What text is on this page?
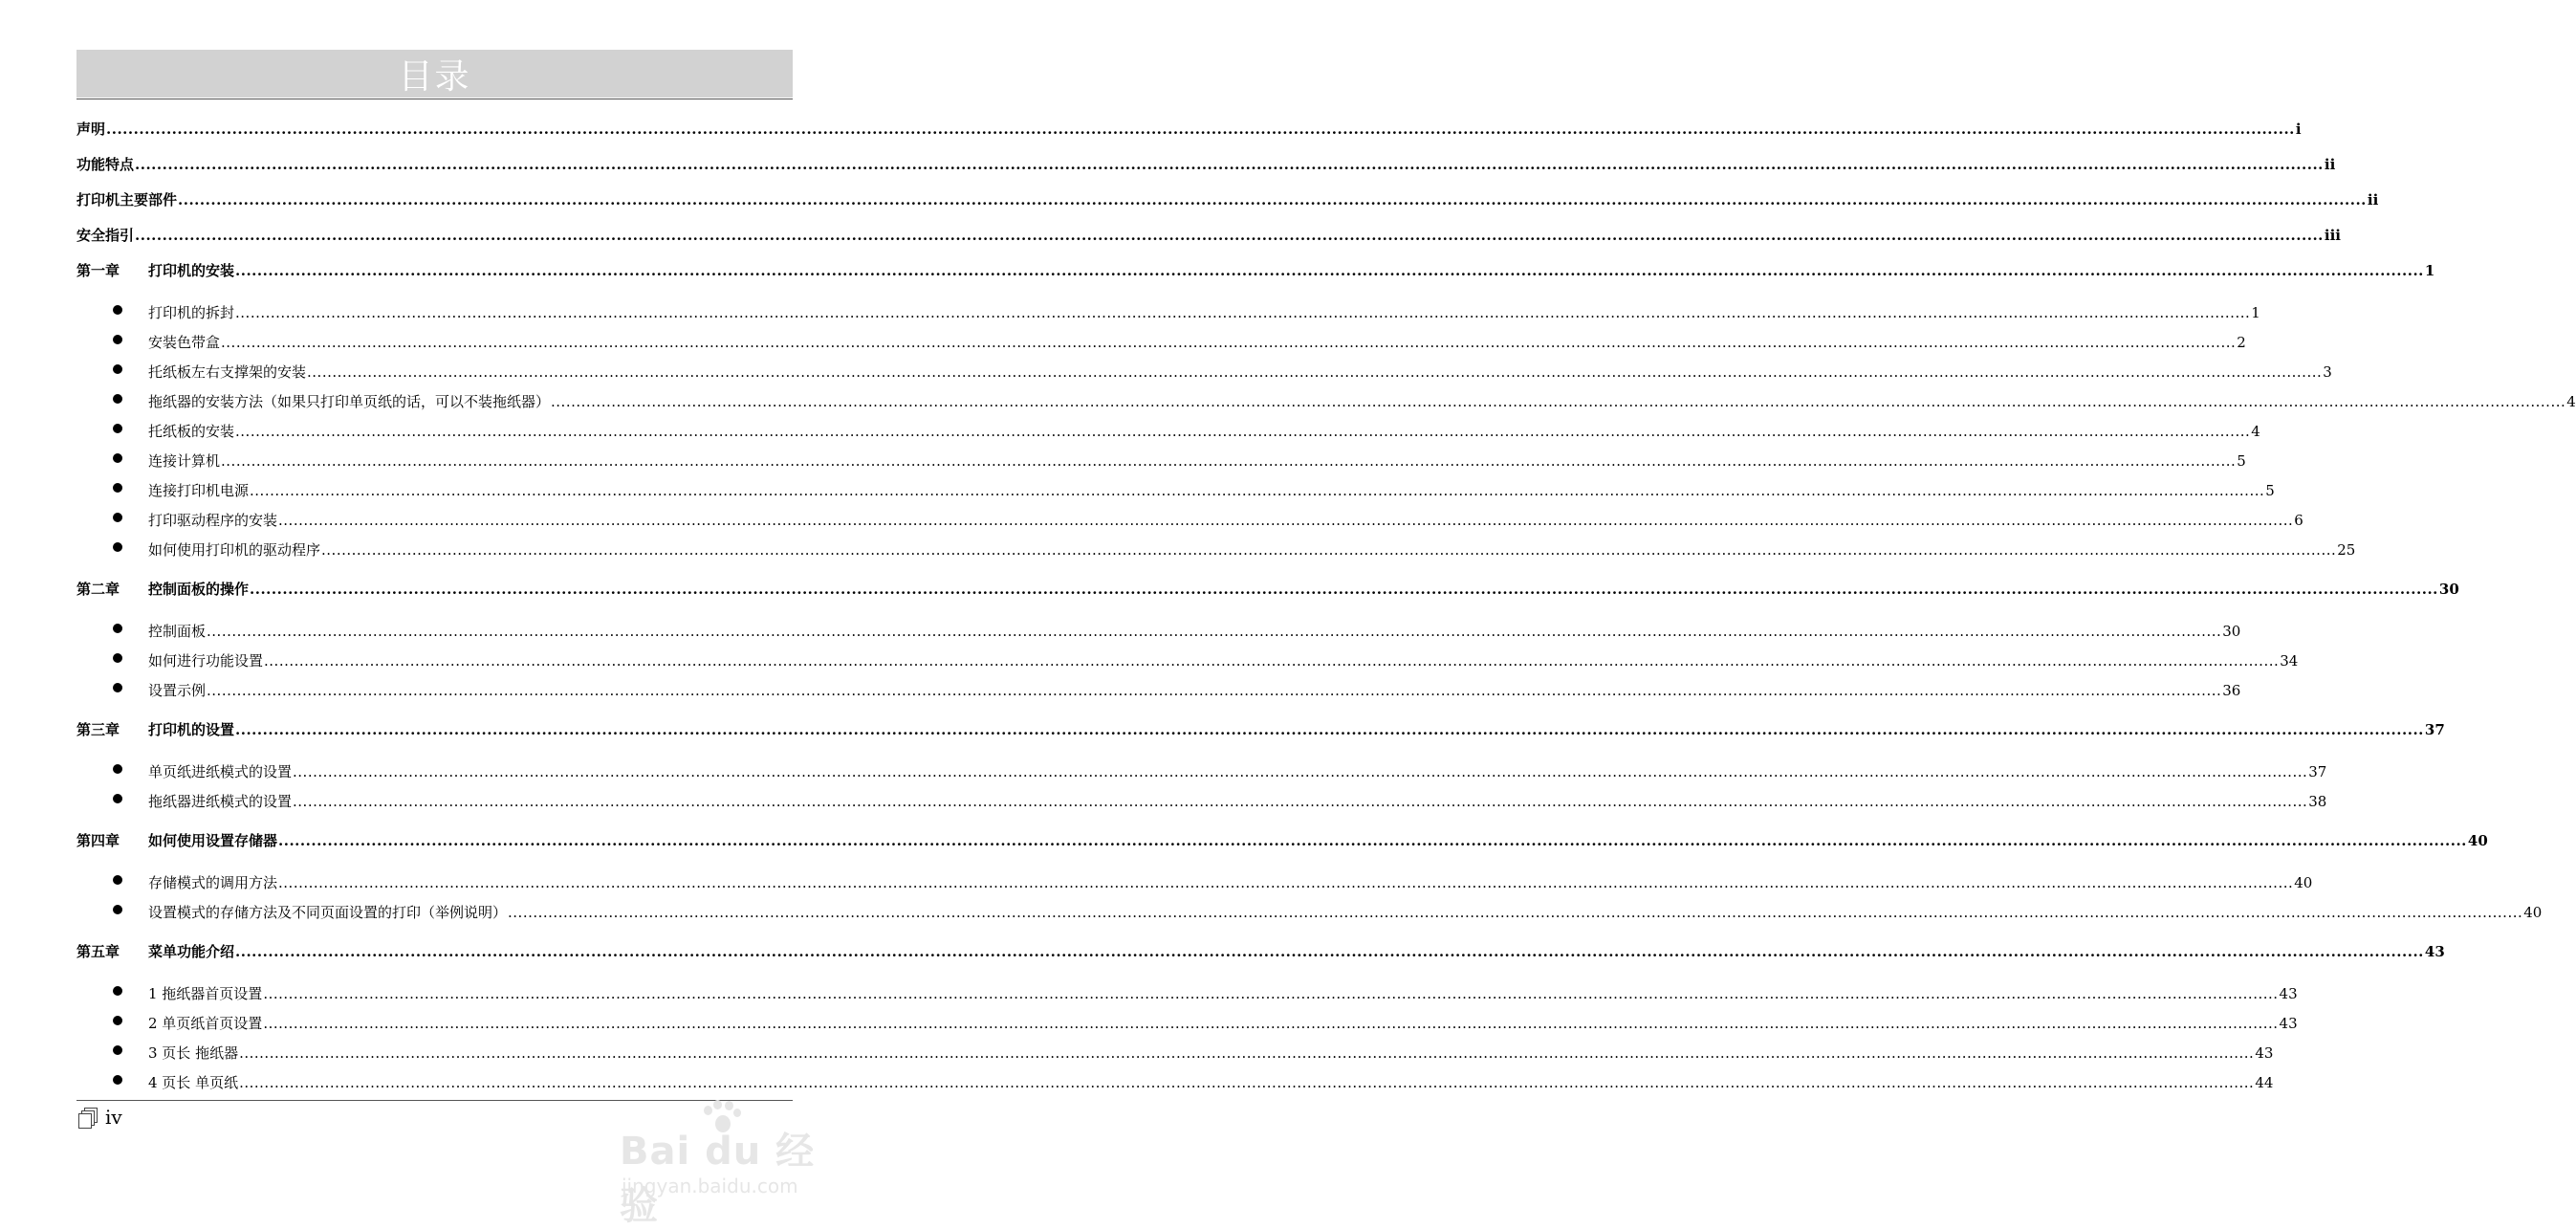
目录
声明 ................................................................................................................................................................................................................................................................................................................................................................................................................ i
功能特点 ................................................................................................................................................................................................................................................................................................................................................................................................................ ii
打印机主要部件 ................................................................................................................................................................................................................................................................................................................................................................................................................ ii
安全指引 ................................................................................................................................................................................................................................................................................................................................................................................................................ iii
第一章 打印机的安装 ................................................................................................................................................................................................................................................................................................................................................................................................................ 1
打印机的拆封 ................................................................................................................................................................................................................................................................................................................................................................................................................ 1
安装色带盒 ................................................................................................................................................................................................................................................................................................................................................................................................................ 2
托纸板左右支撑架的安装 ................................................................................................................................................................................................................................................................................................................................................................................................................ 3
拖纸器的安装方法（如果只打印单页纸的话，可以不装拖纸器） ................................................................................................................................................................................................................................................................................................................................................................................................................ 4
托纸板的安装 ................................................................................................................................................................................................................................................................................................................................................................................................................ 4
连接计算机 ................................................................................................................................................................................................................................................................................................................................................................................................................ 5
连接打印机电源 ................................................................................................................................................................................................................................................................................................................................................................................................................ 5
打印驱动程序的安装 ................................................................................................................................................................................................................................................................................................................................................................................................................ 6
如何使用打印机的驱动程序 ................................................................................................................................................................................................................................................................................................................................................................................................................ 25
第二章 控制面板的操作 ................................................................................................................................................................................................................................................................................................................................................................................................................ 30
控制面板 ................................................................................................................................................................................................................................................................................................................................................................................................................ 30
如何进行功能设置 ................................................................................................................................................................................................................................................................................................................................................................................................................ 34
设置示例 ................................................................................................................................................................................................................................................................................................................................................................................................................ 36
第三章 打印机的设置 ................................................................................................................................................................................................................................................................................................................................................................................................................ 37
单页纸进纸模式的设置 ................................................................................................................................................................................................................................................................................................................................................................................................................ 37
拖纸器进纸模式的设置 ................................................................................................................................................................................................................................................................................................................................................................................................................ 38
第四章 如何使用设置存储器 ................................................................................................................................................................................................................................................................................................................................................................................................................ 40
存储模式的调用方法 ................................................................................................................................................................................................................................................................................................................................................................................................................ 40
设置模式的存储方法及不同页面设置的打印（举例说明） ................................................................................................................................................................................................................................................................................................................................................................................................................ 40
第五章 菜单功能介绍 ................................................................................................................................................................................................................................................................................................................................................................................................................ 43
1 拖纸器首页设置 ................................................................................................................................................................................................................................................................................................................................................................................................................ 43
2 单页纸首页设置 ................................................................................................................................................................................................................................................................................................................................................................................................................ 43
3 页长 拖纸器 ................................................................................................................................................................................................................................................................................................................................................................................................................ 43
4 页长 单页纸 ................................................................................................................................................................................................................................................................................................................................................................................................................ 44
iv
Bai du 经验
jingyan.baidu.com
